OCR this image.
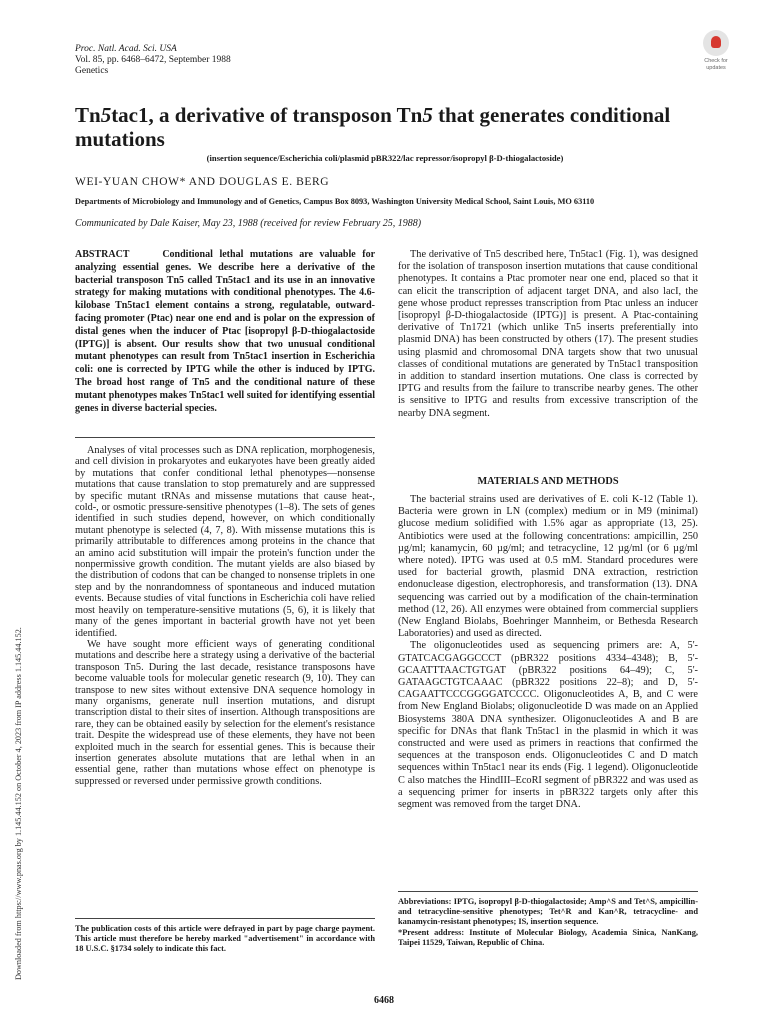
Proc. Natl. Acad. Sci. USA
Vol. 85, pp. 6468–6472, September 1988
Genetics
Check for
updates
Tn5tac1, a derivative of transposon Tn5 that generates conditional mutations
(insertion sequence/Escherichia coli/plasmid pBR322/lac repressor/isopropyl β-D-thiogalactoside)
WEI-YUAN CHOW* AND DOUGLAS E. BERG
Departments of Microbiology and Immunology and of Genetics, Campus Box 8093, Washington University Medical School, Saint Louis, MO 63110
Communicated by Dale Kaiser, May 23, 1988 (received for review February 25, 1988)

ABSTRACT	Conditional lethal mutations are valuable for analyzing essential genes. We describe here a derivative of the bacterial transposon Tn5 called Tn5tac1 and its use in an innovative strategy for making mutations with conditional phenotypes. The 4.6-kilobase Tn5tac1 element contains a strong, regulatable, outward-facing promoter (Ptac) near one end and is polar on the expression of distal genes when the inducer of Ptac [isopropyl β-D-thiogalactoside (IPTG)] is absent. Our results show that two unusual conditional mutant phenotypes can result from Tn5tac1 insertion in Escherichia coli: one is corrected by IPTG while the other is induced by IPTG. The broad host range of Tn5 and the conditional nature of these mutant phenotypes makes Tn5tac1 well suited for identifying essential genes in diverse bacterial species.

Analyses of vital processes such as DNA replication, morphogenesis, and cell division in prokaryotes and eukaryotes have been greatly aided by mutations that confer conditional lethal phenotypes—nonsense mutations that cause translation to stop prematurely and are suppressed by specific mutant tRNAs and missense mutations that cause heat-, cold-, or osmotic pressure-sensitive phenotypes (1–8). The sets of genes identified in such studies depend, however, on which conditionally mutant phenotype is selected (4, 7, 8). With missense mutations this is primarily attributable to differences among proteins in the chance that an amino acid substitution will impair the protein's function under the nonpermissive growth condition. The mutant yields are also biased by the distribution of codons that can be changed to nonsense triplets in one step and by the nonrandomness of spontaneous and induced mutation events. Because studies of vital functions in Escherichia coli have relied most heavily on temperature-sensitive mutations (5, 6), it is likely that many of the genes important in bacterial growth have not yet been identified.

We have sought more efficient ways of generating conditional mutations and describe here a strategy using a derivative of the bacterial transposon Tn5. During the last decade, resistance transposons have become valuable tools for molecular genetic research (9, 10). They can transpose to new sites without extensive DNA sequence homology in many organisms, generate null insertion mutations, and disrupt transcription distal to their sites of insertion. Although transpositions are rare, they can be obtained easily by selection for the element's resistance trait. Despite the widespread use of these elements, they have not been exploited much in the search for essential genes. This is because their insertion generates absolute mutations that are lethal when in an essential gene, rather than mutations whose effect on phenotype is suppressed or reversed under permissive growth conditions.

The publication costs of this article were defrayed in part by page charge payment. This article must therefore be hereby marked "advertisement" in accordance with 18 U.S.C. §1734 solely to indicate this fact.

The derivative of Tn5 described here, Tn5tac1 (Fig. 1), was designed for the isolation of transposon insertion mutations that cause conditional phenotypes. It contains a Ptac promoter near one end, placed so that it can elicit the transcription of adjacent target DNA, and also lacI, the gene whose product represses transcription from Ptac unless an inducer [isopropyl β-D-thiogalactoside (IPTG)] is present. A Ptac-containing derivative of Tn1721 (which unlike Tn5 inserts preferentially into plasmid DNA) has been constructed by others (17). The present studies using plasmid and chromosomal DNA targets show that two unusual classes of conditional mutations are generated by Tn5tac1 transposition in addition to standard insertion mutations. One class is corrected by IPTG and results from the failure to transcribe nearby genes. The other is sensitive to IPTG and results from excessive transcription of the nearby DNA segment.

MATERIALS AND METHODS

The bacterial strains used are derivatives of E. coli K-12 (Table 1). Bacteria were grown in LN (complex) medium or in M9 (minimal) glucose medium solidified with 1.5% agar as appropriate (13, 25). Antibiotics were used at the following concentrations: ampicillin, 250 µg/ml; kanamycin, 60 µg/ml; and tetracycline, 12 µg/ml (or 6 µg/ml where noted). IPTG was used at 0.5 mM. Standard procedures were used for bacterial growth, plasmid DNA extraction, restriction endonuclease digestion, electrophoresis, and transformation (13). DNA sequencing was carried out by a modification of the chain-termination method (12, 26). All enzymes were obtained from commercial suppliers (New England Biolabs, Boehringer Mannheim, or Bethesda Research Laboratories) and used as directed.

The oligonucleotides used as sequencing primers are: A, 5'-GTATCACGAGGCCCT (pBR322 positions 4334–4348); B, 5'-GCAATTTAACTGTGAT (pBR322 positions 64–49); C, 5'-GATAAGCTGTCAAAC (pBR322 positions 22–8); and D, 5'-CAGAATTCCCGGGGATCCCC. Oligonucleotides A, B, and C were from New England Biolabs; oligonucleotide D was made on an Applied Biosystems 380A DNA synthesizer. Oligonucleotides A and B are specific for DNAs that flank Tn5tac1 in the plasmid in which it was constructed and were used as primers in reactions that confirmed the sequences at the transposon ends. Oligonucleotides C and D match sequences within Tn5tac1 near its ends (Fig. 1 legend). Oligonucleotide C also matches the HindIII–EcoRI segment of pBR322 and was used as a sequencing primer for inserts in pBR322 targets only after this segment was removed from the target DNA.

Abbreviations: IPTG, isopropyl β-D-thiogalactoside; Amp^S and Tet^S, ampicillin- and tetracycline-sensitive phenotypes; Tet^R and Kan^R, tetracycline- and kanamycin-resistant phenotypes; IS, insertion sequence.
*Present address: Institute of Molecular Biology, Academia Sinica, NanKang, Taipei 11529, Taiwan, Republic of China.
6468
Downloaded from https://www.pnas.org by 1.145.44.152 on October 4, 2023 from IP address 1.145.44.152.
